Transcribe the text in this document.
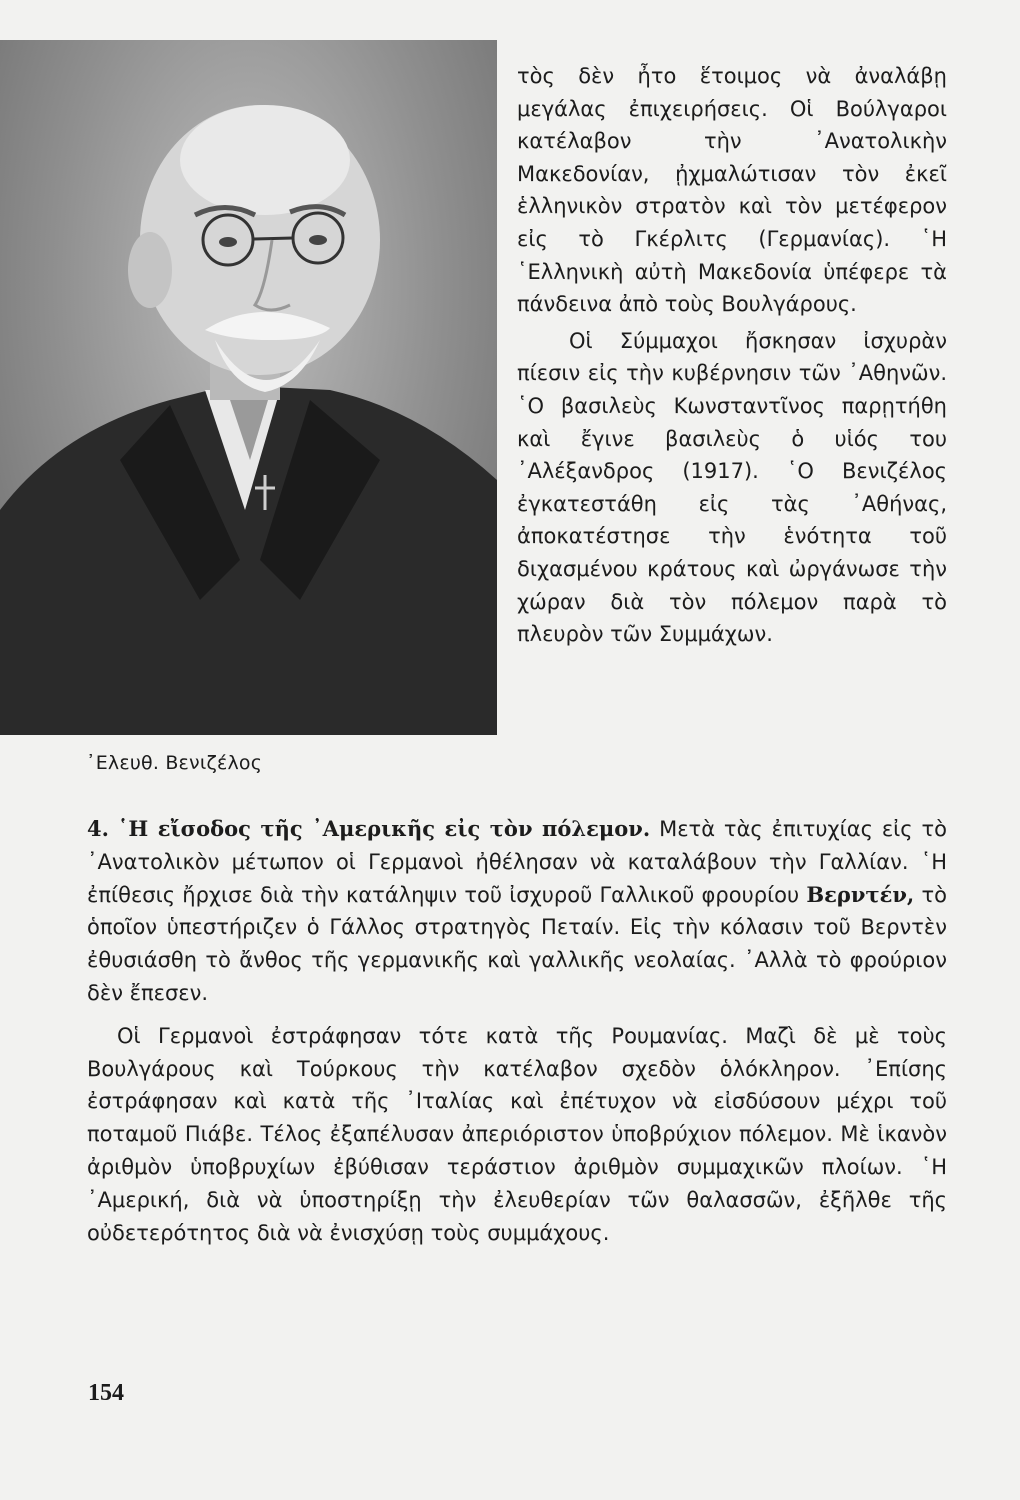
᾿Ελευθ. Βενιζέλος

τὸς δὲν ἦτο ἕτοιμος νὰ ἀναλάβῃ μεγάλας ἐπιχειρήσεις. Οἱ Βούλγαροι κατέλαβον τὴν ᾿Ανατολικὴν Μακεδονίαν, ᾐχμαλώτισαν τὸν ἐκεῖ ἑλληνικὸν στρατὸν καὶ τὸν μετέφερον εἰς τὸ Γκέρλιτς (Γερμανίας). ῾Η ῾Ελληνικὴ αὐτὴ Μακεδονία ὑπέφερε τὰ πάνδεινα ἀπὸ τοὺς Βουλγάρους.

Οἱ Σύμμαχοι ἤσκησαν ἰσχυρὰν πίεσιν εἰς τὴν κυβέρνησιν τῶν ᾿Αθηνῶν. ῾Ο βασιλεὺς Κωνσταντῖνος παρῃτήθη καὶ ἔγινε βασιλεὺς ὁ υἱός του ᾿Αλέξανδρος (1917). ῾Ο Βενιζέλος ἐγκατεστάθη εἰς τὰς ᾿Αθήνας, ἀποκατέστησε τὴν ἑνότητα τοῦ διχασμένου κράτους καὶ ὠργάνωσε τὴν χώραν διὰ τὸν πόλεμον παρὰ τὸ πλευρὸν τῶν Συμμάχων.

4. ῾Η εἴσοδος τῆς ᾿Αμερικῆς εἰς τὸν πόλεμον. Μετὰ τὰς ἐπιτυχίας εἰς τὸ ᾿Ανατολικὸν μέτωπον οἱ Γερμανοὶ ἠθέλησαν νὰ καταλάβουν τὴν Γαλλίαν. ῾Η ἐπίθεσις ἤρχισε διὰ τὴν κατάληψιν τοῦ ἰσχυροῦ Γαλλικοῦ φρουρίου Βερντέν, τὸ ὁποῖον ὑπεστήριζεν ὁ Γάλλος στρατηγὸς Πεταίν. Εἰς τὴν κόλασιν τοῦ Βερντὲν ἐθυσιάσθη τὸ ἄνθος τῆς γερμανικῆς καὶ γαλλικῆς νεολαίας. ᾿Αλλὰ τὸ φρούριον δὲν ἔπεσεν.

Οἱ Γερμανοὶ ἐστράφησαν τότε κατὰ τῆς Ρουμανίας. Μαζὶ δὲ μὲ τοὺς Βουλγάρους καὶ Τούρκους τὴν κατέλαβον σχεδὸν ὁλόκληρον. ᾿Επίσης ἐστράφησαν καὶ κατὰ τῆς ᾿Ιταλίας καὶ ἐπέτυχον νὰ εἰσδύσουν μέχρι τοῦ ποταμοῦ Πιάβε. Τέλος ἐξαπέλυσαν ἀπεριόριστον ὑποβρύχιον πόλεμον. Μὲ ἱκανὸν ἀριθμὸν ὑποβρυχίων ἐβύθισαν τεράστιον ἀριθμὸν συμμαχικῶν πλοίων. ῾Η ᾿Αμερική, διὰ νὰ ὑποστηρίξῃ τὴν ἐλευθερίαν τῶν θαλασσῶν, ἐξῆλθε τῆς οὐδετερότητος διὰ νὰ ἐνισχύσῃ τοὺς συμμάχους.

154
